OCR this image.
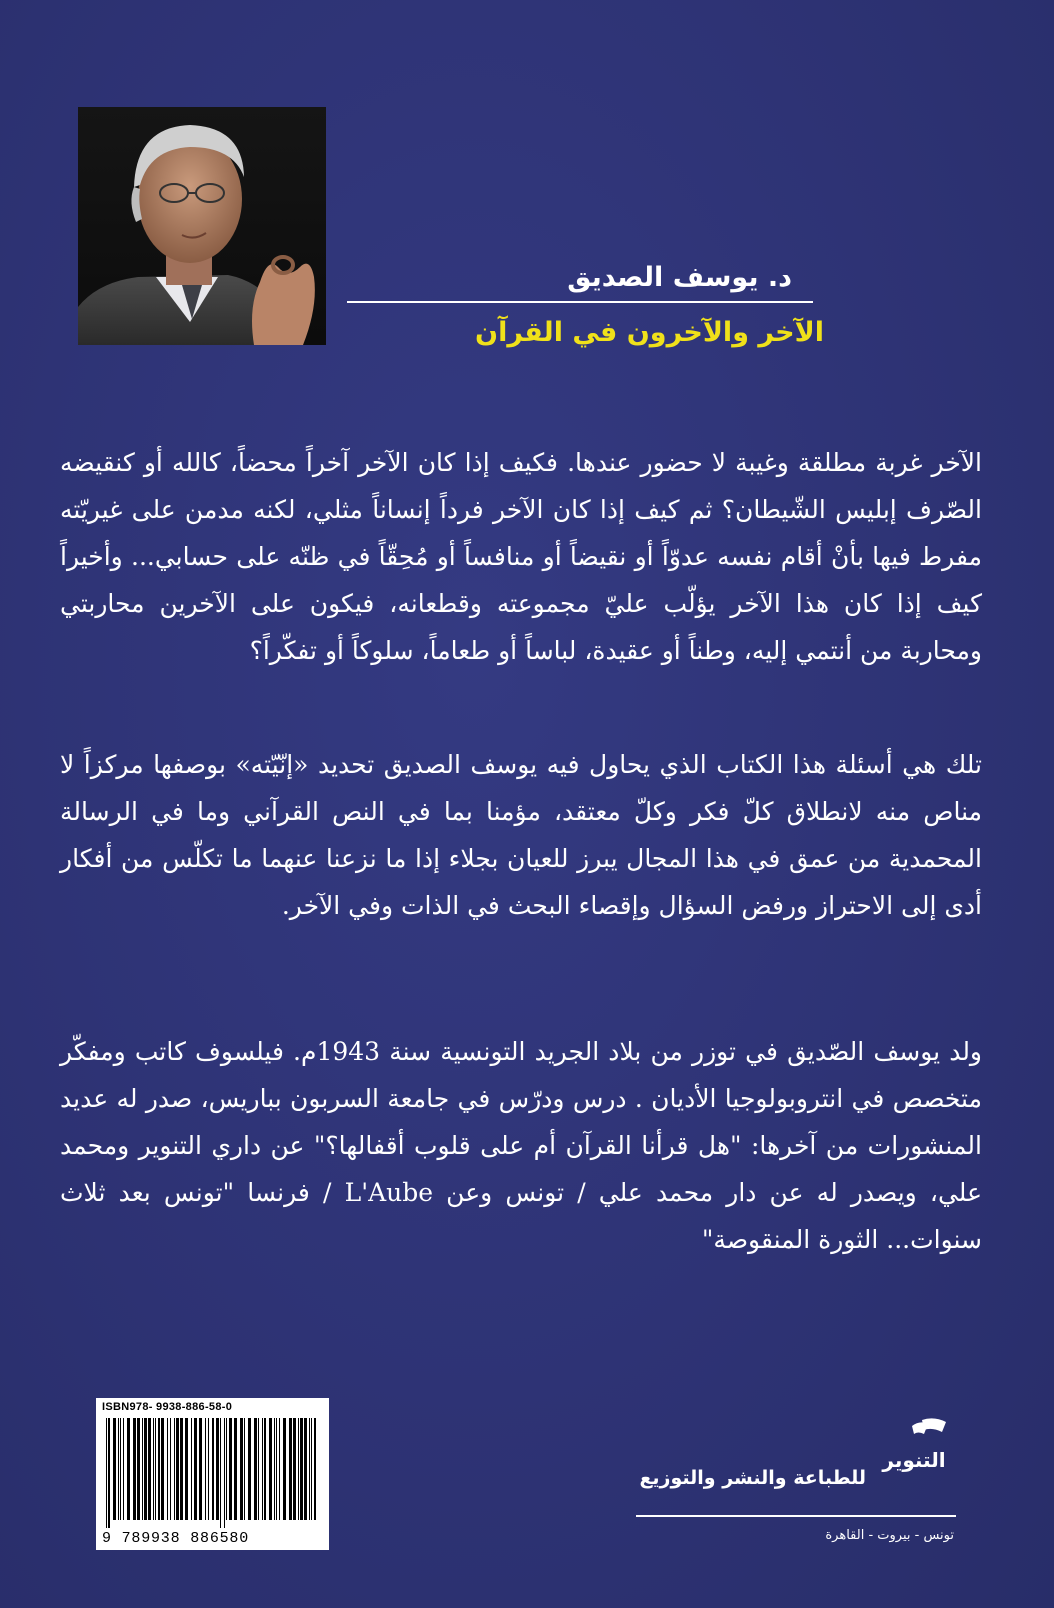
د. يوسف الصديق
الآخر والآخرون في القرآن

الآخر غربة مطلقة وغيبة لا حضور عندها. فكيف إذا كان الآخر آخراً محضاً، كالله أو كنقيضه الصّرف إبليس الشّيطان؟ ثم كيف إذا كان الآخر فرداً إنساناً مثلي، لكنه مدمن على غيريّته مفرط فيها بأنْ أقام نفسه عدوّاً أو نقيضاً أو منافساً أو مُحِقّاً في ظنّه على حسابي... وأخيراً كيف إذا كان هذا الآخر يؤلّب عليّ مجموعته وقطعانه، فيكون على الآخرين محاربتي ومحاربة من أنتمي إليه، وطناً أو عقيدة، لباساً أو طعاماً، سلوكاً أو تفكّراً؟

تلك هي أسئلة هذا الكتاب الذي يحاول فيه يوسف الصديق تحديد «إنّيّته» بوصفها مركزاً لا مناص منه لانطلاق كلّ فكر وكلّ معتقد، مؤمنا بما في النص القرآني وما في الرسالة المحمدية من عمق في هذا المجال يبرز للعيان بجلاء إذا ما نزعنا عنهما ما تكلّس من أفكار أدى إلى الاحتراز ورفض السؤال وإقصاء البحث في الذات وفي الآخر.

ولد يوسف الصّديق في توزر من بلاد الجريد التونسية سنة 1943م. فيلسوف كاتب ومفكّر متخصص في انتروبولوجيا الأديان . درس ودرّس في جامعة السربون بباريس، صدر له عديد المنشورات من آخرها: "هل قرأنا القرآن أم على قلوب أقفالها؟" عن داري التنوير ومحمد علي، ويصدر له عن دار محمد علي / تونس وعن L'Aube / فرنسا "تونس بعد ثلاث سنوات... الثورة المنقوصة"

ISBN978- 9938-886-58-0
9 789938 886580
التنوير
للطباعة والنشر والتوزيع
تونس - بيروت - القاهرة
